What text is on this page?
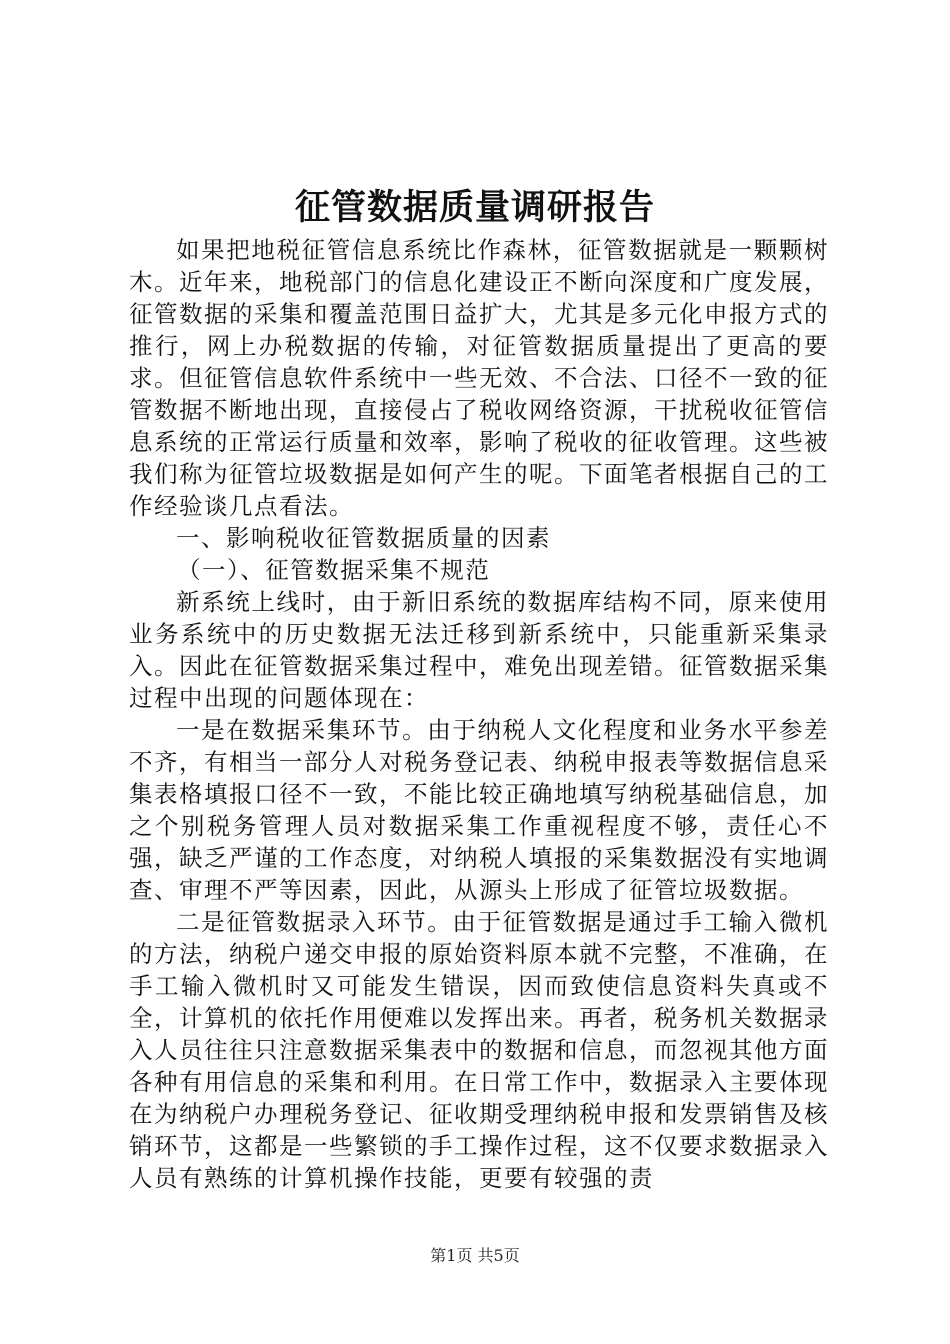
征管数据质量调研报告

如果把地税征管信息系统比作森林，征管数据就是一颗颗树木。近年来，地税部门的信息化建设正不断向深度和广度发展，征管数据的采集和覆盖范围日益扩大，尤其是多元化申报方式的推行，网上办税数据的传输，对征管数据质量提出了更高的要求。但征管信息软件系统中一些无效、不合法、口径不一致的征管数据不断地出现，直接侵占了税收网络资源，干扰税收征管信息系统的正常运行质量和效率，影响了税收的征收管理。这些被我们称为征管垃圾数据是如何产生的呢。下面笔者根据自己的工作经验谈几点看法。

一、影响税收征管数据质量的因素

（一）、征管数据采集不规范

新系统上线时，由于新旧系统的数据库结构不同，原来使用业务系统中的历史数据无法迁移到新系统中，只能重新采集录入。因此在征管数据采集过程中，难免出现差错。征管数据采集过程中出现的问题体现在：

一是在数据采集环节。由于纳税人文化程度和业务水平参差不齐，有相当一部分人对税务登记表、纳税申报表等数据信息采集表格填报口径不一致，不能比较正确地填写纳税基础信息，加之个别税务管理人员对数据采集工作重视程度不够，责任心不强，缺乏严谨的工作态度，对纳税人填报的采集数据没有实地调查、审理不严等因素，因此，从源头上形成了征管垃圾数据。

二是征管数据录入环节。由于征管数据是通过手工输入微机的方法，纳税户递交申报的原始资料原本就不完整，不准确，在手工输入微机时又可能发生错误，因而致使信息资料失真或不全，计算机的依托作用便难以发挥出来。再者，税务机关数据录入人员往往只注意数据采集表中的数据和信息，而忽视其他方面各种有用信息的采集和利用。在日常工作中，数据录入主要体现在为纳税户办理税务登记、征收期受理纳税申报和发票销售及核销环节，这都是一些繁锁的手工操作过程，这不仅要求数据录入人员有熟练的计算机操作技能，更要有较强的责

第1页 共5页
